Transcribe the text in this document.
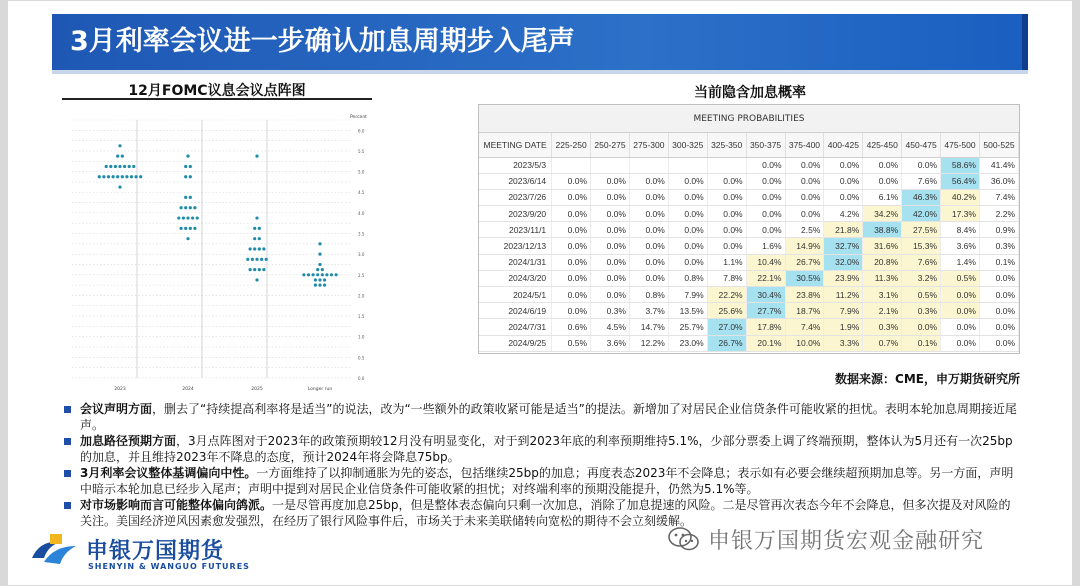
3月利率会议进一步确认加息周期步入尾声
12月FOMC议息会议点阵图
6.0
5.5
5.0
4.5
4.0
3.5
3.0
2.5
2.0
1.5
1.0
0.5
0.0
Percent
2023	2024	2025	Longer run
当前隐含加息概率
MEETING PROBABILITIES
MEETING DATE	225-250	250-275	275-300	300-325	325-350	350-375	375-400	400-425	425-450	450-475	475-500	500-525
2023/5/3						0.0%	0.0%	0.0%	0.0%	0.0%	58.6%	41.4%
2023/6/14	0.0%	0.0%	0.0%	0.0%	0.0%	0.0%	0.0%	0.0%	0.0%	7.6%	56.4%	36.0%
2023/7/26	0.0%	0.0%	0.0%	0.0%	0.0%	0.0%	0.0%	0.0%	6.1%	46.3%	40.2%	7.4%
2023/9/20	0.0%	0.0%	0.0%	0.0%	0.0%	0.0%	0.0%	4.2%	34.2%	42.0%	17.3%	2.2%
2023/11/1	0.0%	0.0%	0.0%	0.0%	0.0%	0.0%	2.5%	21.8%	38.8%	27.5%	8.4%	0.9%
2023/12/13	0.0%	0.0%	0.0%	0.0%	0.0%	1.6%	14.9%	32.7%	31.6%	15.3%	3.6%	0.3%
2024/1/31	0.0%	0.0%	0.0%	0.0%	1.1%	10.4%	26.7%	32.0%	20.8%	7.6%	1.4%	0.1%
2024/3/20	0.0%	0.0%	0.0%	0.8%	7.8%	22.1%	30.5%	23.9%	11.3%	3.2%	0.5%	0.0%
2024/5/1	0.0%	0.0%	0.8%	7.9%	22.2%	30.4%	23.8%	11.2%	3.1%	0.5%	0.0%	0.0%
2024/6/19	0.0%	0.3%	3.7%	13.5%	25.6%	27.7%	18.7%	7.9%	2.1%	0.3%	0.0%	0.0%
2024/7/31	0.6%	4.5%	14.7%	25.7%	27.0%	17.8%	7.4%	1.9%	0.3%	0.0%	0.0%	0.0%
2024/9/25	0.5%	3.6%	12.2%	23.0%	26.7%	20.1%	10.0%	3.3%	0.7%	0.1%	0.0%	0.0%
数据来源：CME，申万期货研究所
会议声明方面，删去了“持续提高利率将是适当”的说法，改为“一些额外的政策收紧可能是适当”的提法。新增加了对居民企业信贷条件可能收紧的担忧。表明本轮加息周期接近尾声。
加息路径预期方面，3月点阵图对于2023年的政策预期较12月没有明显变化，对于到2023年底的利率预期维持5.1%，少部分票委上调了终端预期，整体认为5月还有一次25bp的加息，并且维持2023年不降息的态度，预计2024年将会降息75bp。
3月利率会议整体基调偏向中性。一方面维持了以抑制通胀为先的姿态，包括继续25bp的加息；再度表态2023年不会降息；表示如有必要会继续超预期加息等。另一方面，声明中暗示本轮加息已经步入尾声；声明中提到对居民企业信贷条件可能收紧的担忧；对终端利率的预期没能提升，仍然为5.1%等。
对市场影响而言可能整体偏向鸽派。一是尽管再度加息25bp，但是整体表态偏向只剩一次加息，消除了加息提速的风险。二是尽管再次表态今年不会降息，但多次提及对风险的关注。美国经济逆风因素愈发强烈，在经历了银行风险事件后，市场关于未来美联储转向宽松的期待不会立刻缓解。
申银万国期货
SHENYIN & WANGUO FUTURES
申银万国期货宏观金融研究
